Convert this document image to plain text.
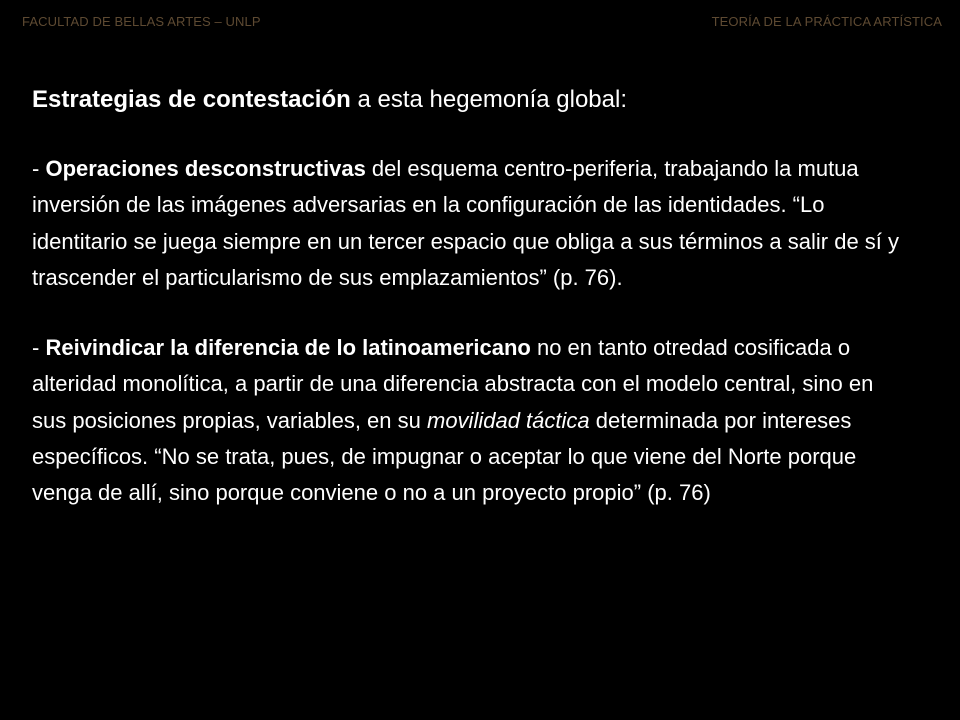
FACULTAD DE BELLAS ARTES – UNLP	TEORÍA DE LA PRÁCTICA ARTÍSTICA

Estrategias de contestación a esta hegemonía global:

- Operaciones desconstructivas del esquema centro-periferia, trabajando la mutua inversión de las imágenes adversarias en la configuración de las identidades. “Lo identitario se juega siempre en un tercer espacio que obliga a sus términos a salir de sí y trascender el particularismo de sus emplazamientos” (p. 76).

- Reivindicar la diferencia de lo latinoamericano no en tanto otredad cosificada o alteridad monolítica, a partir de una diferencia abstracta con el modelo central, sino en sus posiciones propias, variables, en su movilidad táctica determinada por intereses específicos. “No se trata, pues, de impugnar o aceptar lo que viene del Norte porque venga de allí, sino porque conviene o no a un proyecto propio” (p. 76)
